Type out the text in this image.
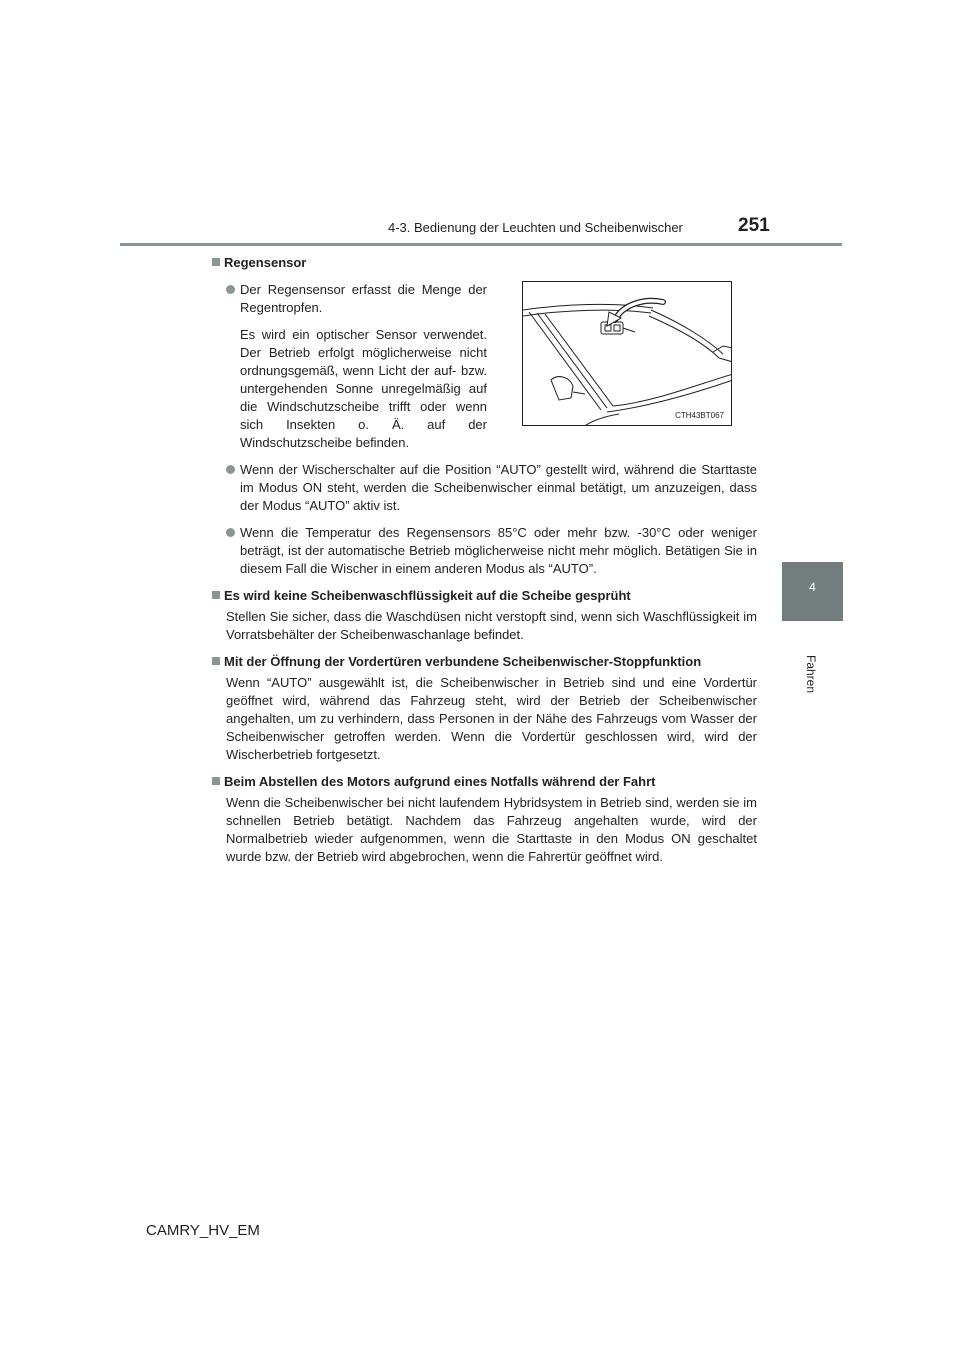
4-3. Bedienung der Leuchten und Scheibenwischer	251
4
Fahren
Regensensor
Der Regensensor erfasst die Menge der Regentropfen.
Es wird ein optischer Sensor verwendet. Der Betrieb erfolgt möglicherweise nicht ordnungsgemäß, wenn Licht der auf- bzw. untergehenden Sonne unregelmäßig auf die Windschutzscheibe trifft oder wenn sich Insekten o. Ä. auf der Windschutzscheibe befinden.
Wenn der Wischerschalter auf die Position “AUTO” gestellt wird, während die Starttaste im Modus ON steht, werden die Scheibenwischer einmal betätigt, um anzuzeigen, dass der Modus “AUTO” aktiv ist.
Wenn die Temperatur des Regensensors 85°C oder mehr bzw. -30°C oder weniger beträgt, ist der automatische Betrieb möglicherweise nicht mehr möglich. Betätigen Sie in diesem Fall die Wischer in einem anderen Modus als “AUTO”.
Es wird keine Scheibenwaschflüssigkeit auf die Scheibe gesprüht
Stellen Sie sicher, dass die Waschdüsen nicht verstopft sind, wenn sich Waschflüssigkeit im Vorratsbehälter der Scheibenwaschanlage befindet.
Mit der Öffnung der Vordertüren verbundene Scheibenwischer-Stoppfunktion
Wenn “AUTO” ausgewählt ist, die Scheibenwischer in Betrieb sind und eine Vordertür geöffnet wird, während das Fahrzeug steht, wird der Betrieb der Scheibenwischer angehalten, um zu verhindern, dass Personen in der Nähe des Fahrzeugs vom Wasser der Scheibenwischer getroffen werden. Wenn die Vordertür geschlossen wird, wird der Wischerbetrieb fortgesetzt.
Beim Abstellen des Motors aufgrund eines Notfalls während der Fahrt
Wenn die Scheibenwischer bei nicht laufendem Hybridsystem in Betrieb sind, werden sie im schnellen Betrieb betätigt. Nachdem das Fahrzeug angehalten wurde, wird der Normalbetrieb wieder aufgenommen, wenn die Starttaste in den Modus ON geschaltet wurde bzw. der Betrieb wird abgebrochen, wenn die Fahrertür geöffnet wird.
CTH43BT067
CAMRY_HV_EM
